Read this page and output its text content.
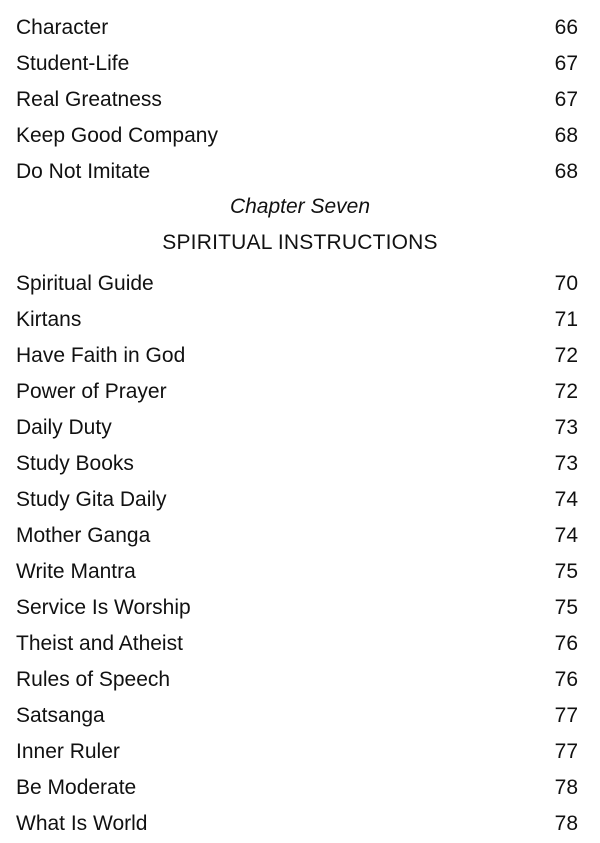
Character	66
Student-Life	67
Real Greatness	67
Keep Good Company	68
Do Not Imitate	68
Chapter Seven
SPIRITUAL INSTRUCTIONS
Spiritual Guide	70
Kirtans	71
Have Faith in God	72
Power of Prayer	72
Daily Duty	73
Study Books	73
Study Gita Daily	74
Mother Ganga	74
Write Mantra	75
Service Is Worship	75
Theist and Atheist	76
Rules of Speech	76
Satsanga	77
Inner Ruler	77
Be Moderate	78
What Is World	78
